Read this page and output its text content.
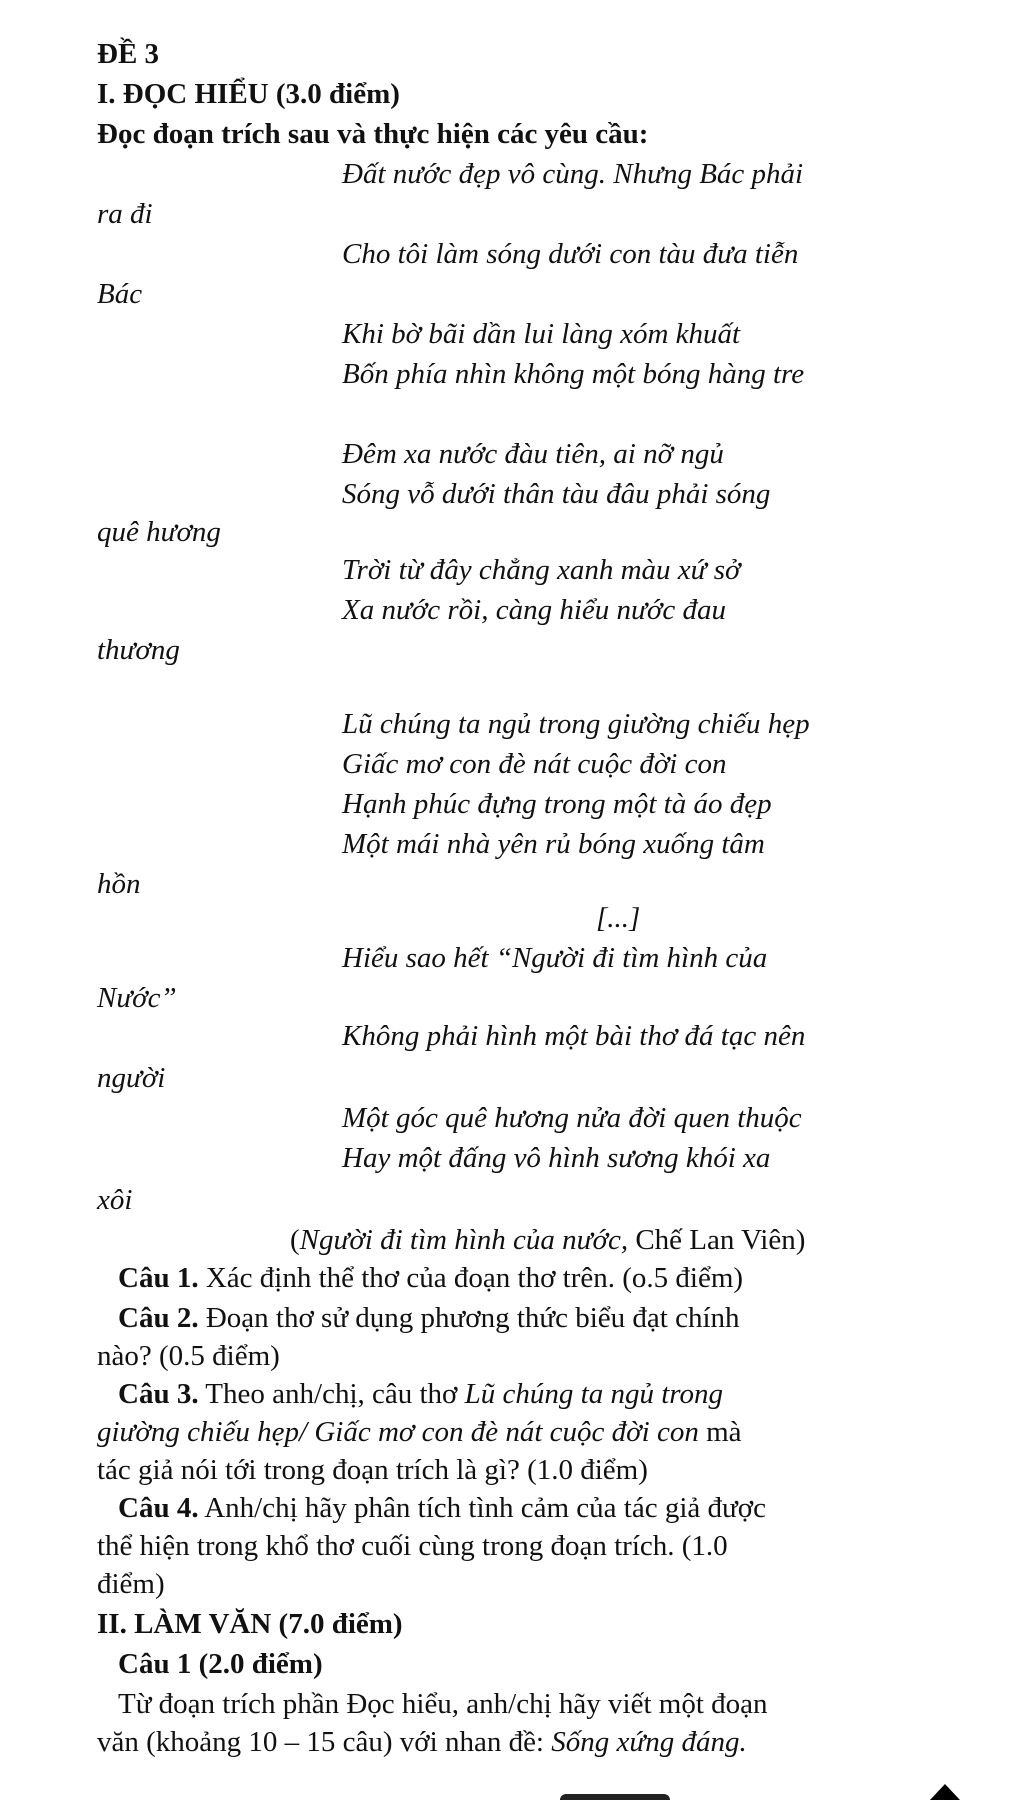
ĐỀ 3
I. ĐỌC HIỂU (3.0 điểm)
Đọc đoạn trích sau và thực hiện các yêu cầu:
Đất nước đẹp vô cùng. Nhưng Bác phải
ra đi
Cho tôi làm sóng dưới con tàu đưa tiễn
Bác
Khi bờ bãi dần lui làng xóm khuất
Bốn phía nhìn không một bóng hàng tre
Đêm xa nước đàu tiên, ai nỡ ngủ
Sóng vỗ dưới thân tàu đâu phải sóng
quê hương
Trời từ đây chẳng xanh màu xứ sở
Xa nước rồi, càng hiểu nước đau
thương
Lũ chúng ta ngủ trong giường chiếu hẹp
Giấc mơ con đè nát cuộc đời con
Hạnh phúc đựng trong một tà áo đẹp
Một mái nhà yên rủ bóng xuống tâm
hồn
[...]
Hiểu sao hết “Người đi tìm hình của
Nước”
Không phải hình một bài thơ đá tạc nên
người
Một góc quê hương nửa đời quen thuộc
Hay một đấng vô hình sương khói xa
xôi
(Người đi tìm hình của nước, Chế Lan Viên)
Câu 1. Xác định thể thơ của đoạn thơ trên. (o.5 điểm)
Câu 2. Đoạn thơ sử dụng phương thức biểu đạt chính
nào? (0.5 điểm)
Câu 3. Theo anh/chị, câu thơ Lũ chúng ta ngủ trong
giường chiếu hẹp/ Giấc mơ con đè nát cuộc đời con mà
tác giả nói tới trong đoạn trích là gì? (1.0 điểm)
Câu 4. Anh/chị hãy phân tích tình cảm của tác giả được
thể hiện trong khổ thơ cuối cùng trong đoạn trích. (1.0
điểm)
II. LÀM VĂN (7.0 điểm)
Câu 1 (2.0 điểm)
Từ đoạn trích phần Đọc hiểu, anh/chị hãy viết một đoạn
văn (khoảng 10 – 15 câu) với nhan đề: Sống xứng đáng.
